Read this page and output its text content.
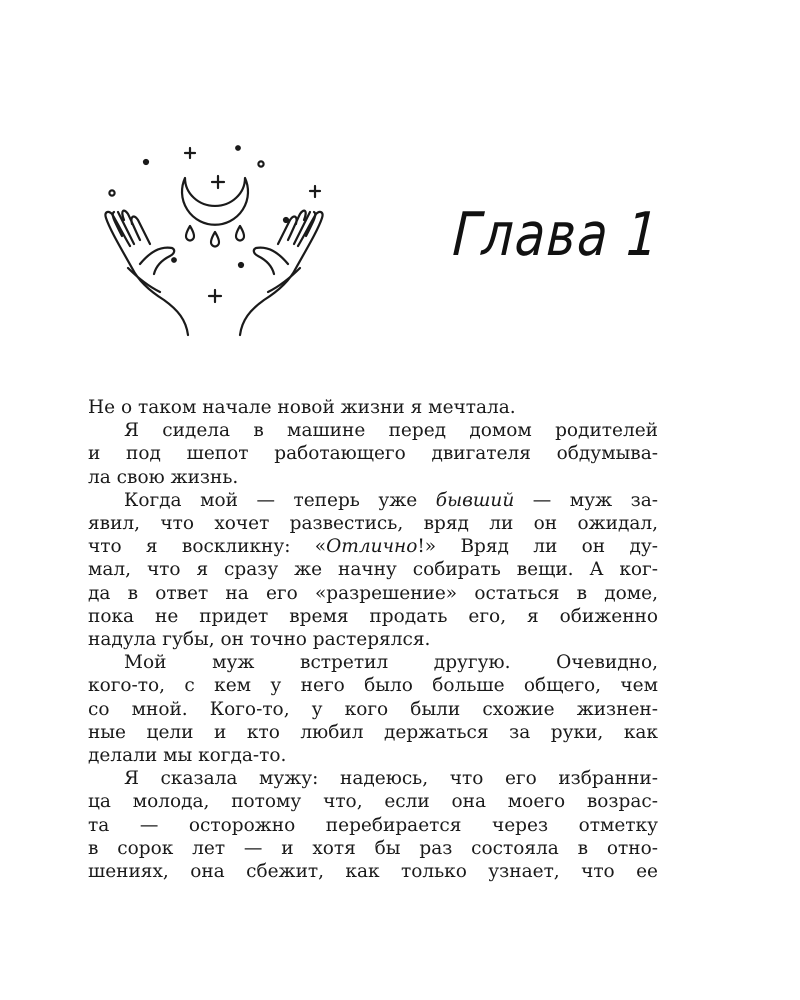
Глава 1

Не о таком начале новой жизни я мечтала.

Я сидела в машине перед домом родителей
и под шепот работающего двигателя обдумыва-
ла свою жизнь.

Когда мой — теперь уже бывший — муж за-
явил, что хочет развестись, вряд ли он ожидал,
что я воскликну: «Отлично!» Вряд ли он ду-
мал, что я сразу же начну собирать вещи. А ког-
да в ответ на его «разрешение» остаться в доме,
пока не придет время продать его, я обиженно
надула губы, он точно растерялся.

Мой муж встретил другую. Очевидно,
кого-то, с кем у него было больше общего, чем
со мной. Кого-то, у кого были схожие жизнен-
ные цели и кто любил держаться за руки, как
делали мы когда-то.

Я сказала мужу: надеюсь, что его избранни-
ца молода, потому что, если она моего возрас-
та — осторожно перебирается через отметку
в сорок лет — и хотя бы раз состояла в отно-
шениях, она сбежит, как только узнает, что ее
